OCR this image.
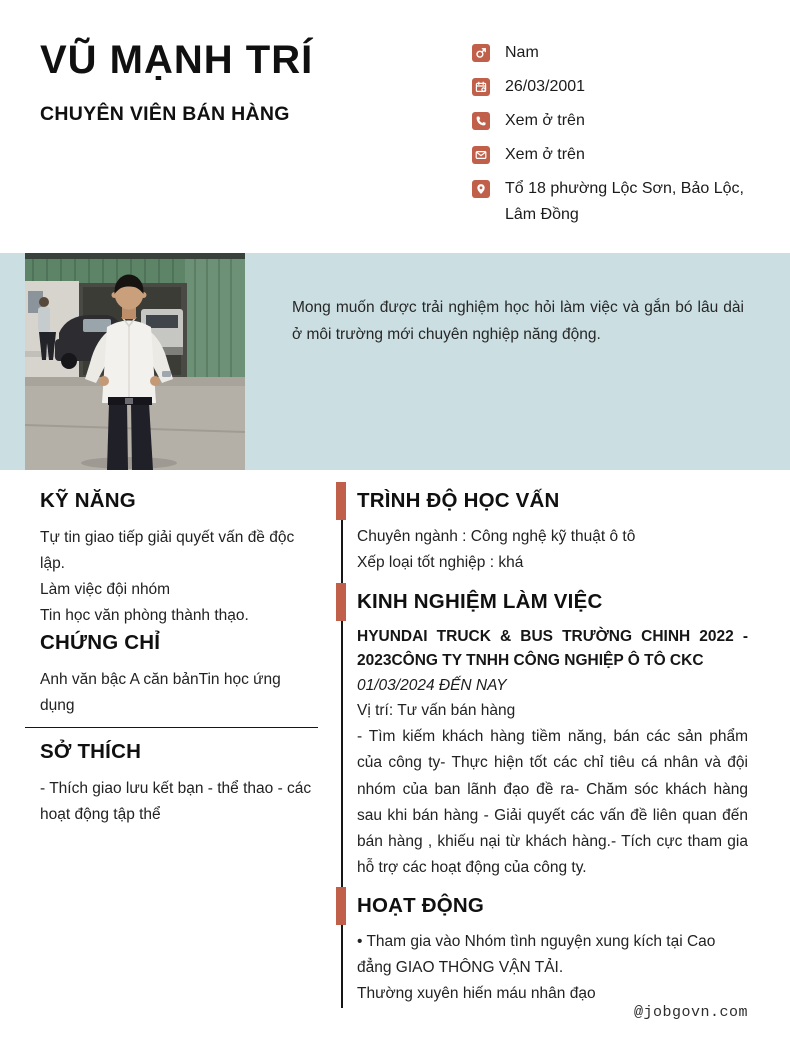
VŨ MẠNH TRÍ
CHUYÊN VIÊN BÁN HÀNG
Nam
26/03/2001
Xem ở trên
Xem ở trên
Tổ 18 phường Lộc Sơn, Bảo Lộc, Lâm Đồng

Mong muốn được trải nghiệm học hỏi làm việc và gắn bó lâu dài ở môi trường mới chuyên nghiệp năng động.

KỸ NĂNG
Tự tin giao tiếp giải quyết vấn đề độc lập.
Làm việc đội nhóm
Tin học văn phòng thành thạo.
CHỨNG CHỈ
Anh văn bậc A căn bảnTin học ứng dụng
SỞ THÍCH
- Thích giao lưu kết bạn - thể thao - các hoạt động tập thể
TRÌNH ĐỘ HỌC VẤN
Chuyên ngành : Công nghệ kỹ thuật ô tô
Xếp loại tốt nghiệp : khá
KINH NGHIỆM LÀM VIỆC

HYUNDAI TRUCK & BUS TRƯỜNG CHINH 2022 - 2023CÔNG TY TNHH CÔNG NGHIỆP Ô TÔ CKC

01/03/2024 ĐẾN NAY
Vị trí: Tư vấn bán hàng

- Tìm kiếm khách hàng tiềm năng, bán các sản phẩm của công ty- Thực hiện tốt các chỉ tiêu cá nhân và đội nhóm của ban lãnh đạo đề ra- Chăm sóc khách hàng sau khi bán hàng - Giải quyết các vấn đề liên quan đến bán hàng , khiếu nại từ khách hàng.- Tích cực tham gia hỗ trợ các hoạt động của công ty.

HOẠT ĐỘNG
• Tham gia vào Nhóm tình nguyện xung kích tại Cao đẳng GIAO THÔNG VẬN TẢI.
Thường xuyên hiến máu nhân đạo
@jobgovn.com
